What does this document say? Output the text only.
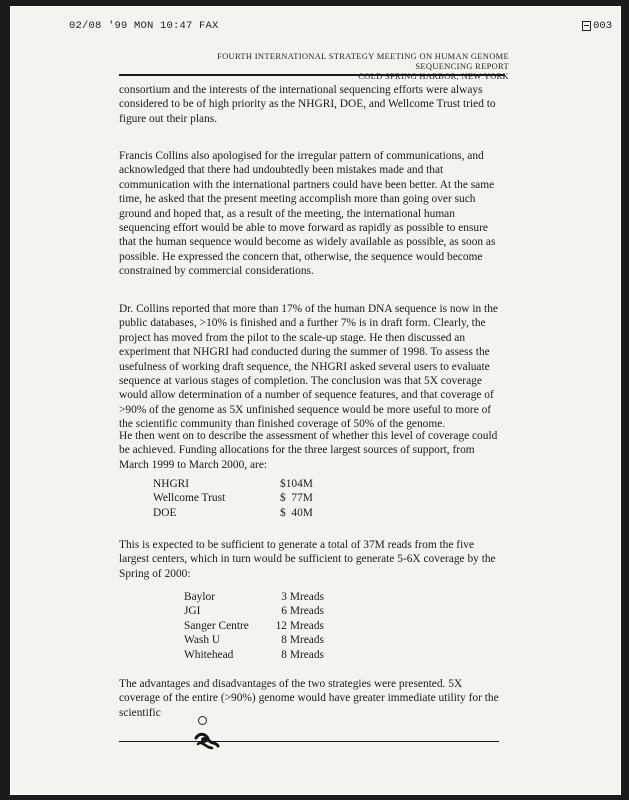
02/08 '99 MON 10:47 FAX	003
FOURTH INTERNATIONAL STRATEGY MEETING ON HUMAN GENOME SEQUENCING REPORT
COLD SPRING HARBOR, NEW YORK

consortium and the interests of the international sequencing efforts were always considered to be of high priority as the NHGRI, DOE, and Wellcome Trust tried to figure out their plans.

Francis Collins also apologised for the irregular pattern of communications, and acknowledged that there had undoubtedly been mistakes made and that communication with the international partners could have been better. At the same time, he asked that the present meeting accomplish more than going over such ground and hoped that, as a result of the meeting, the international human sequencing effort would be able to move forward as rapidly as possible to ensure that the human sequence would become as widely available as possible, as soon as possible. He expressed the concern that, otherwise, the sequence would become constrained by commercial considerations.

Dr. Collins reported that more than 17% of the human DNA sequence is now in the public databases, >10% is finished and a further 7% is in draft form. Clearly, the project has moved from the pilot to the scale-up stage. He then discussed an experiment that NHGRI had conducted during the summer of 1998. To assess the usefulness of working draft sequence, the NHGRI asked several users to evaluate sequence at various stages of completion. The conclusion was that 5X coverage would allow determination of a number of sequence features, and that coverage of >90% of the genome as 5X unfinished sequence would be more useful to more of the scientific community than finished coverage of 50% of the genome.

He then went on to describe the assessment of whether this level of coverage could be achieved. Funding allocations for the three largest sources of support, from March 1999 to March 2000, are:

NHGRI	$104M
Wellcome Trust	$  77M
DOE	$  40M

This is expected to be sufficient to generate a total of 37M reads from the five largest centers, which in turn would be sufficient to generate 5-6X coverage by the Spring of 2000:

Baylor	3 Mreads
JGI	6 Mreads
Sanger Centre	12 Mreads
Wash U	8 Mreads
Whitehead	8 Mreads

The advantages and disadvantages of the two strategies were presented. 5X coverage of the entire (>90%) genome would have greater immediate utility for the scientific
